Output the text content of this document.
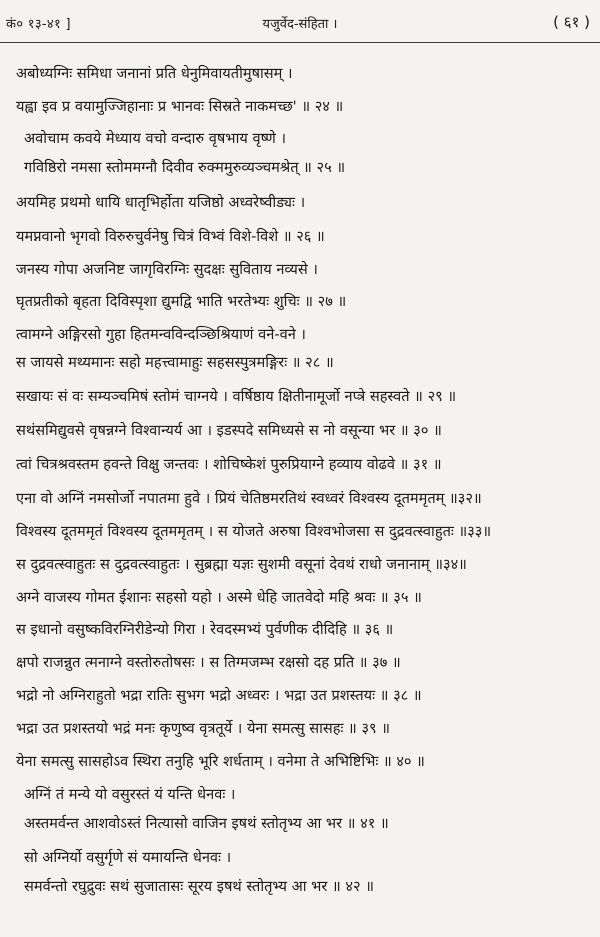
कं० १३-४१ ]	यजुर्वेद-संहिता ।	( ६१ )
अबोध्यग्निः समिधा जनानां प्रति धेनुमिवायतीमुषासम् ।
यह्वा इव प्र वयामुज्जिहानाः प्र भानवः सिस्रते नाकमच्छ' ॥ २४ ॥
अवोचाम कवये मेध्याय वचो वन्दारु वृषभाय वृष्णे ।
गविष्ठिरो नमसा स्तोममग्नौ दिवीव रुक्ममुरुव्यञ्चमश्रेत् ॥ २५ ॥
अयमिह प्रथमो धायि धातृभिर्होता यजिष्ठो अध्वरेष्वीड्यः ।
यमप्नवानो भृगवो विरुरुचुर्वनेषु चित्रं विभ्वं विशे-विशे ॥ २६ ॥
जनस्य गोपा अजनिष्ट जागृविरग्निः सुदक्षः सुविताय नव्यसे ।
घृतप्रतीको बृहता दिविस्पृशा द्युमद्वि भाति भरतेभ्यः शुचिः ॥ २७ ॥
त्वामग्ने अङ्गिरसो गुहा हितमन्वविन्दञ्छिश्रियाणं वने-वने ।
स जायसे मथ्यमानः सहो महत्त्वामाहुः सहसस्पुत्रमङ्गिरः ॥ २८ ॥
सखायः सं वः सम्यञ्चमिषं स्तोमं चाग्नये । वर्षिष्ठाय क्षितीनामूर्जो नप्त्रे सहस्वते ॥ २९ ॥
सथंसमिद्युवसे वृषन्नग्ने विश्वान्यर्य आ । इडस्पदे समिध्यसे स नो वसून्या भर ॥ ३० ॥
त्वां चित्रश्रवस्तम हवन्ते विक्षु जन्तवः । शोचिष्केशं पुरुप्रियाग्ने हव्याय वोढवे ॥ ३१ ॥
एना वो अग्निं नमसोर्जो नपातमा हुवे । प्रियं चेतिष्ठमरतिथं स्वध्वरं विश्वस्य दूतममृतम् ॥३२॥
विश्वस्य दूतममृतं विश्वस्य दूतममृतम् । स योजते अरुषा विश्वभोजसा स दुद्रवत्स्वाहुतः ॥३३॥
स दुद्रवत्स्वाहुतः स दुद्रवत्स्वाहुतः । सुब्रह्मा यज्ञः सुशमी वसूनां देवथं राधो जनानाम् ॥३४॥
अग्ने वाजस्य गोमत ईशानः सहसो यहो । अस्मे धेहि जातवेदो महि श्रवः ॥ ३५ ॥
स इधानो वसुष्कविरग्निरीडेन्यो गिरा । रेवदस्मभ्यं पुर्वणीक दीदिहि ॥ ३६ ॥
क्षपो राजन्नुत त्मनाग्ने वस्तोरुतोषसः । स तिग्मजम्भ रक्षसो दह प्रति ॥ ३७ ॥
भद्रो नो अग्निराहुतो भद्रा रातिः सुभग भद्रो अध्वरः । भद्रा उत प्रशस्तयः ॥ ३८ ॥
भद्रा उत प्रशस्तयो भद्रं मनः कृणुष्व वृत्रतूर्ये । येना समत्सु सासहः ॥ ३९ ॥
येना समत्सु सासहोऽव स्थिरा तनुहि भूरि शर्धताम् । वनेमा ते अभिष्टिभिः ॥ ४० ॥
अग्निं तं मन्ये यो वसुरस्तं यं यन्ति धेनवः ।
अस्तमर्वन्त आशवोऽस्तं नित्यासो वाजिन इषथं स्तोतृभ्य आ भर ॥ ४१ ॥
सो अग्निर्यो वसुर्गृणे सं यमायन्ति धेनवः ।
समर्वन्तो रघुद्रुवः सथं सुजातासः सूरय इषथं स्तोतृभ्य आ भर ॥ ४२ ॥
